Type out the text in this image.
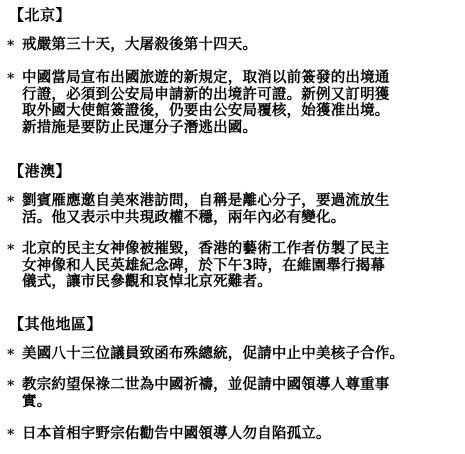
【北京】
* 戒嚴第三十天，大屠殺後第十四天。
* 中國當局宣布出國旅遊的新規定，取消以前簽發的出境通
行證，必須到公安局申請新的出境許可證。新例又訂明獲
取外國大使館簽證後，仍要由公安局覆核，始獲准出境。
新措施是要防止民運分子潛逃出國。
【港澳】
* 劉賓雁應邀自美來港訪問，自稱是離心分子，要過流放生
活。他又表示中共現政權不穩，兩年內必有變化。
* 北京的民主女神像被摧毀，香港的藝術工作者仿製了民主
女神像和人民英雄紀念碑，於下午3時，在維園舉行揭幕
儀式，讓市民參觀和哀悼北京死難者。
【其他地區】
* 美國八十三位議員致函布殊總統，促請中止中美核子合作。
* 教宗約望保祿二世為中國祈禱，並促請中國領導人尊重事
實。
* 日本首相宇野宗佑勸告中國領導人勿自陷孤立。
